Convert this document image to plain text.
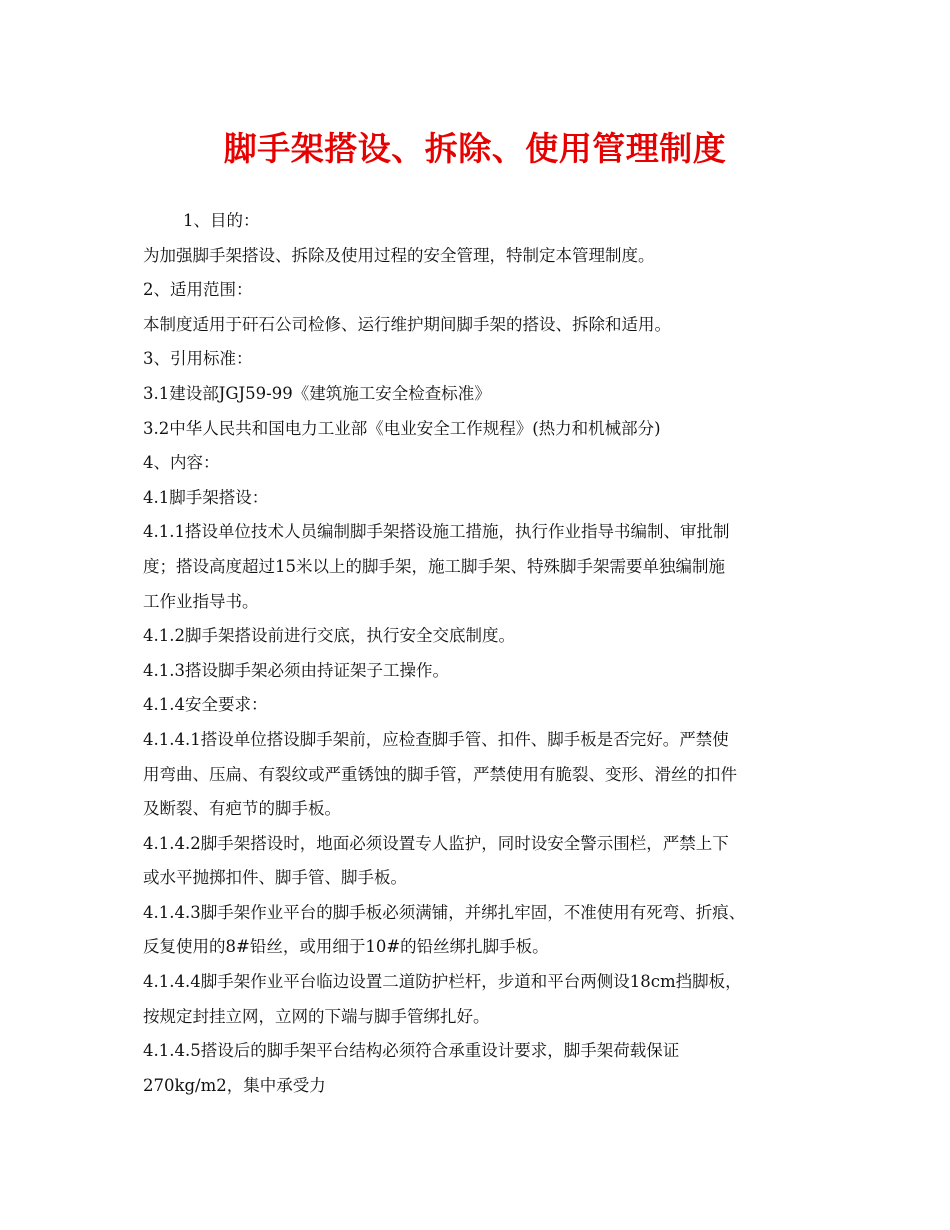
脚手架搭设、拆除、使用管理制度

1、目的：

为加强脚手架搭设、拆除及使用过程的安全管理，特制定本管理制度。

2、适用范围：

本制度适用于矸石公司检修、运行维护期间脚手架的搭设、拆除和适用。

3、引用标准：

3.1建设部JGJ59-99《建筑施工安全检查标准》

3.2中华人民共和国电力工业部《电业安全工作规程》(热力和机械部分)

4、内容：

4.1脚手架搭设：

4.1.1搭设单位技术人员编制脚手架搭设施工措施，执行作业指导书编制、审批制

度；搭设高度超过15米以上的脚手架，施工脚手架、特殊脚手架需要单独编制施

工作业指导书。

4.1.2脚手架搭设前进行交底，执行安全交底制度。

4.1.3搭设脚手架必须由持证架子工操作。

4.1.4安全要求：

4.1.4.1搭设单位搭设脚手架前，应检查脚手管、扣件、脚手板是否完好。严禁使

用弯曲、压扁、有裂纹或严重锈蚀的脚手管，严禁使用有脆裂、变形、滑丝的扣件

及断裂、有疤节的脚手板。

4.1.4.2脚手架搭设时，地面必须设置专人监护，同时设安全警示围栏，严禁上下

或水平抛掷扣件、脚手管、脚手板。

4.1.4.3脚手架作业平台的脚手板必须满铺，并绑扎牢固，不准使用有死弯、折痕、

反复使用的8#铅丝，或用细于10#的铅丝绑扎脚手板。

4.1.4.4脚手架作业平台临边设置二道防护栏杆，步道和平台两侧设18cm挡脚板，

按规定封挂立网，立网的下端与脚手管绑扎好。

4.1.4.5搭设后的脚手架平台结构必须符合承重设计要求，脚手架荷载保证

270kg/m2，集中承受力
